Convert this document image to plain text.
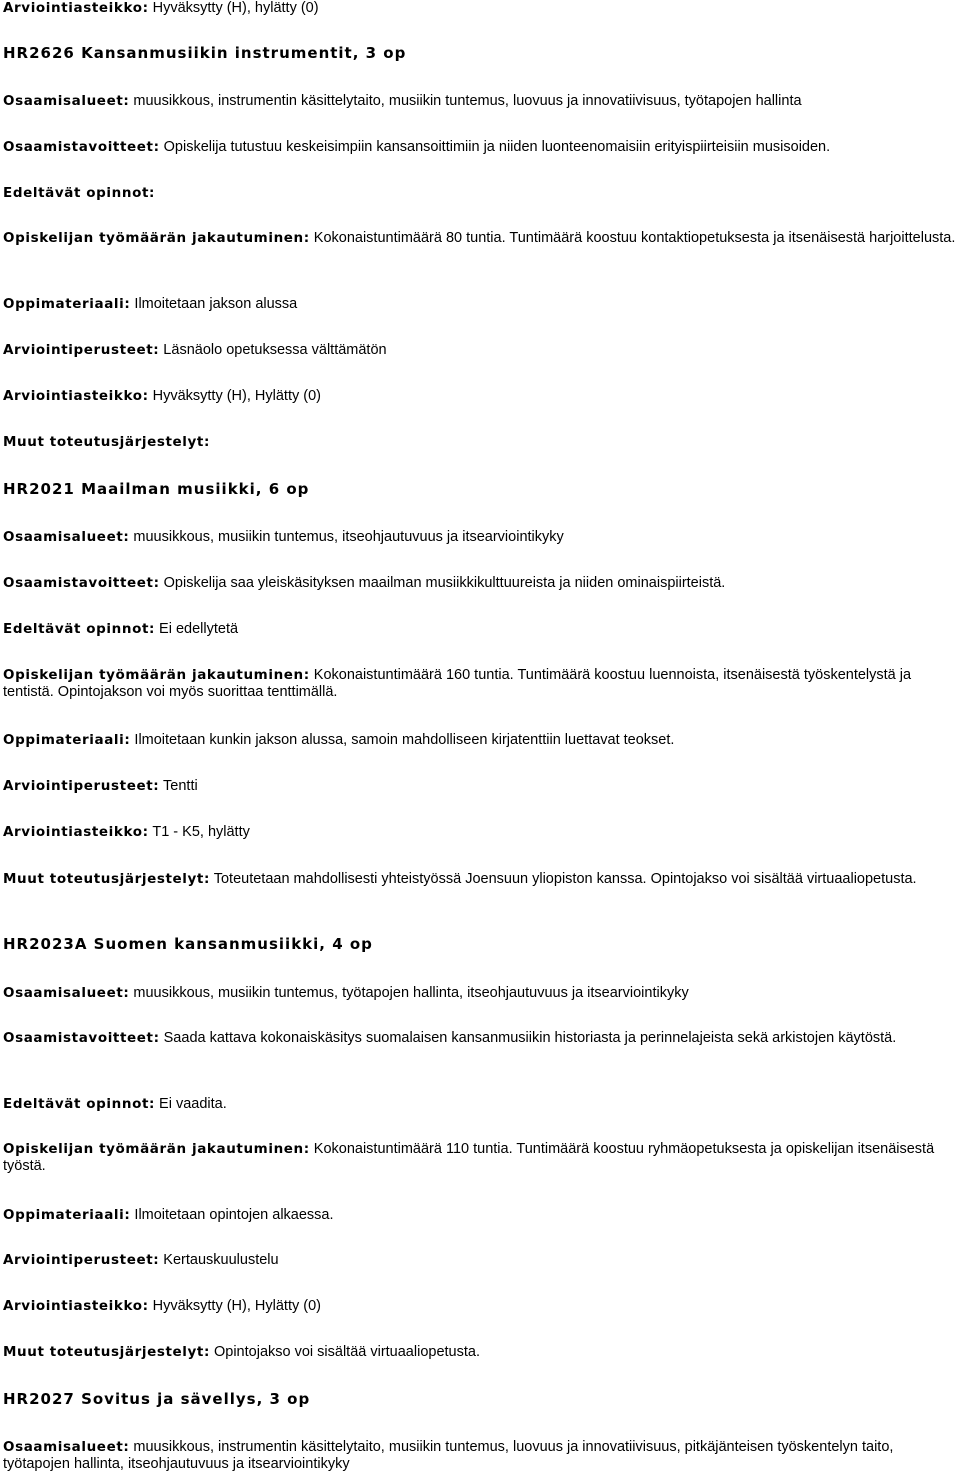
Arviointiasteikko: Hyväksytty (H), hylätty (0)
HR2626 Kansanmusiikin instrumentit, 3 op
Osaamisalueet: muusikkous, instrumentin käsittelytaito, musiikin tuntemus, luovuus ja innovatiivisuus, työtapojen hallinta
Osaamistavoitteet: Opiskelija tutustuu keskeisimpiin kansansoittimiin ja niiden luonteenomaisiin erityispiirteisiin musisoiden.
Edeltävät opinnot:
Opiskelijan työmäärän jakautuminen: Kokonaistuntimäärä 80 tuntia. Tuntimäärä koostuu kontaktiopetuksesta ja itsenäisestä harjoittelusta.
Oppimateriaali: Ilmoitetaan jakson alussa
Arviointiperusteet: Läsnäolo opetuksessa välttämätön
Arviointiasteikko: Hyväksytty (H), Hylätty (0)
Muut toteutusjärjestelyt:
HR2021 Maailman musiikki, 6 op
Osaamisalueet: muusikkous, musiikin tuntemus, itseohjautuvuus ja itsearviointikyky
Osaamistavoitteet: Opiskelija saa yleiskäsityksen maailman musiikkikulttuureista ja niiden ominaispiirteistä.
Edeltävät opinnot: Ei edellytetä
Opiskelijan työmäärän jakautuminen: Kokonaistuntimäärä 160 tuntia. Tuntimäärä koostuu luennoista, itsenäisestä työskentelystä ja tentistä. Opintojakson voi myös suorittaa tenttimällä.
Oppimateriaali: Ilmoitetaan kunkin jakson alussa, samoin mahdolliseen kirjatenttiin luettavat teokset.
Arviointiperusteet: Tentti
Arviointiasteikko: T1 - K5, hylätty
Muut toteutusjärjestelyt: Toteutetaan mahdollisesti yhteistyössä Joensuun yliopiston kanssa. Opintojakso voi sisältää virtuaaliopetusta.
HR2023A Suomen kansanmusiikki, 4 op
Osaamisalueet: muusikkous, musiikin tuntemus, työtapojen hallinta, itseohjautuvuus ja itsearviointikyky
Osaamistavoitteet: Saada kattava kokonaiskäsitys suomalaisen kansanmusiikin historiasta ja perinnelajeista sekä arkistojen käytöstä.
Edeltävät opinnot: Ei vaadita.
Opiskelijan työmäärän jakautuminen: Kokonaistuntimäärä 110 tuntia. Tuntimäärä koostuu ryhmäopetuksesta ja opiskelijan itsenäisestä työstä.
Oppimateriaali: Ilmoitetaan opintojen alkaessa.
Arviointiperusteet: Kertauskuulustelu
Arviointiasteikko: Hyväksytty (H), Hylätty (0)
Muut toteutusjärjestelyt: Opintojakso voi sisältää virtuaaliopetusta.
HR2027 Sovitus ja sävellys, 3 op
Osaamisalueet: muusikkous, instrumentin käsittelytaito, musiikin tuntemus, luovuus ja innovatiivisuus, pitkäjänteisen työskentelyn taito, työtapojen hallinta, itseohjautuvuus ja itsearviointikyky
